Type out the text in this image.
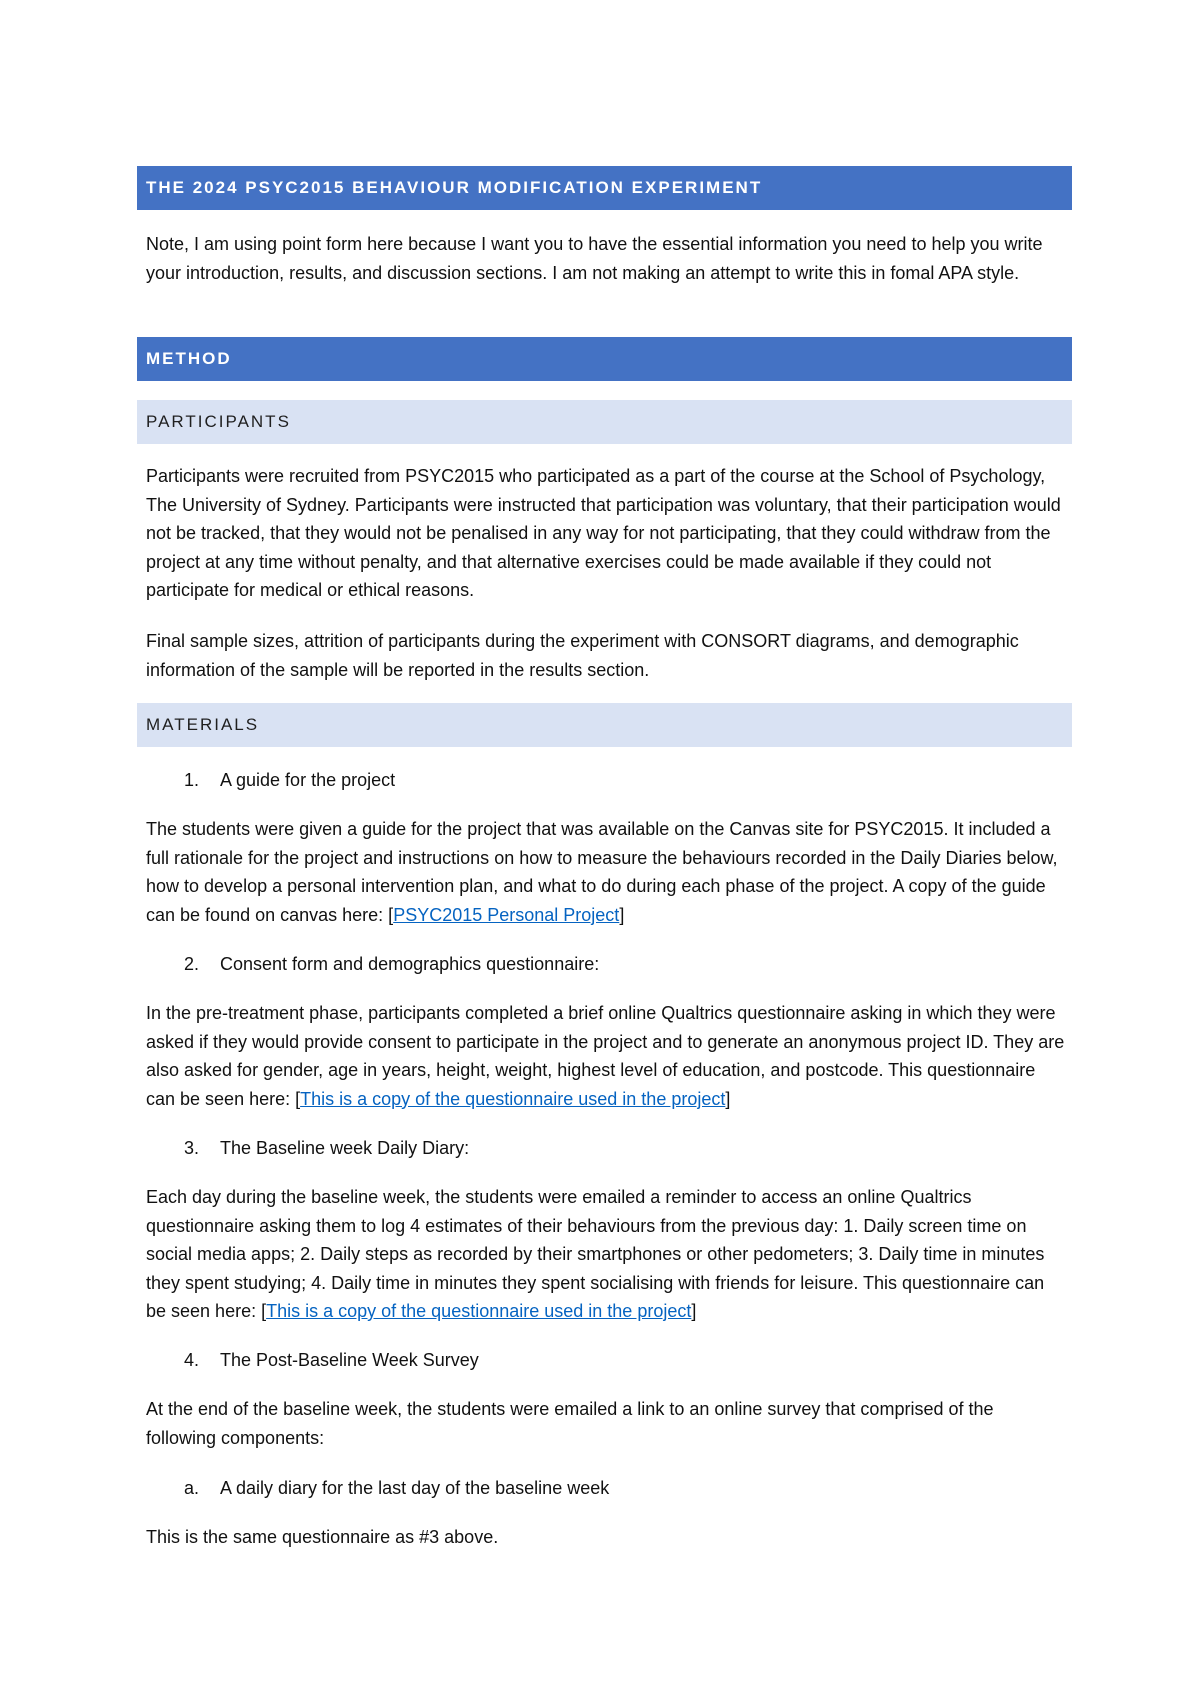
THE 2024 PSYC2015 BEHAVIOUR MODIFICATION EXPERIMENT

Note, I am using point form here because I want you to have the essential information you need to help you write your introduction, results, and discussion sections. I am not making an attempt to write this in fomal APA style.

METHOD
PARTICIPANTS

Participants were recruited from PSYC2015 who participated as a part of the course at the School of Psychology, The University of Sydney. Participants were instructed that participation was voluntary, that their participation would not be tracked, that they would not be penalised in any way for not participating, that they could withdraw from the project at any time without penalty, and that alternative exercises could be made available if they could not participate for medical or ethical reasons.

Final sample sizes, attrition of participants during the experiment with CONSORT diagrams, and demographic information of the sample will be reported in the results section.

MATERIALS
1. A guide for the project

The students were given a guide for the project that was available on the Canvas site for PSYC2015. It included a full rationale for the project and instructions on how to measure the behaviours recorded in the Daily Diaries below, how to develop a personal intervention plan, and what to do during each phase of the project. A copy of the guide can be found on canvas here: [PSYC2015 Personal Project]

2. Consent form and demographics questionnaire:

In the pre-treatment phase, participants completed a brief online Qualtrics questionnaire asking in which they were asked if they would provide consent to participate in the project and to generate an anonymous project ID. They are also asked for gender, age in years, height, weight, highest level of education, and postcode. This questionnaire can be seen here: [This is a copy of the questionnaire used in the project]

3. The Baseline week Daily Diary:

Each day during the baseline week, the students were emailed a reminder to access an online Qualtrics questionnaire asking them to log 4 estimates of their behaviours from the previous day: 1. Daily screen time on social media apps; 2. Daily steps as recorded by their smartphones or other pedometers; 3. Daily time in minutes they spent studying; 4. Daily time in minutes they spent socialising with friends for leisure. This questionnaire can be seen here: [This is a copy of the questionnaire used in the project]

4. The Post-Baseline Week Survey

At the end of the baseline week, the students were emailed a link to an online survey that comprised of the following components:

a. A daily diary for the last day of the baseline week

This is the same questionnaire as #3 above.
